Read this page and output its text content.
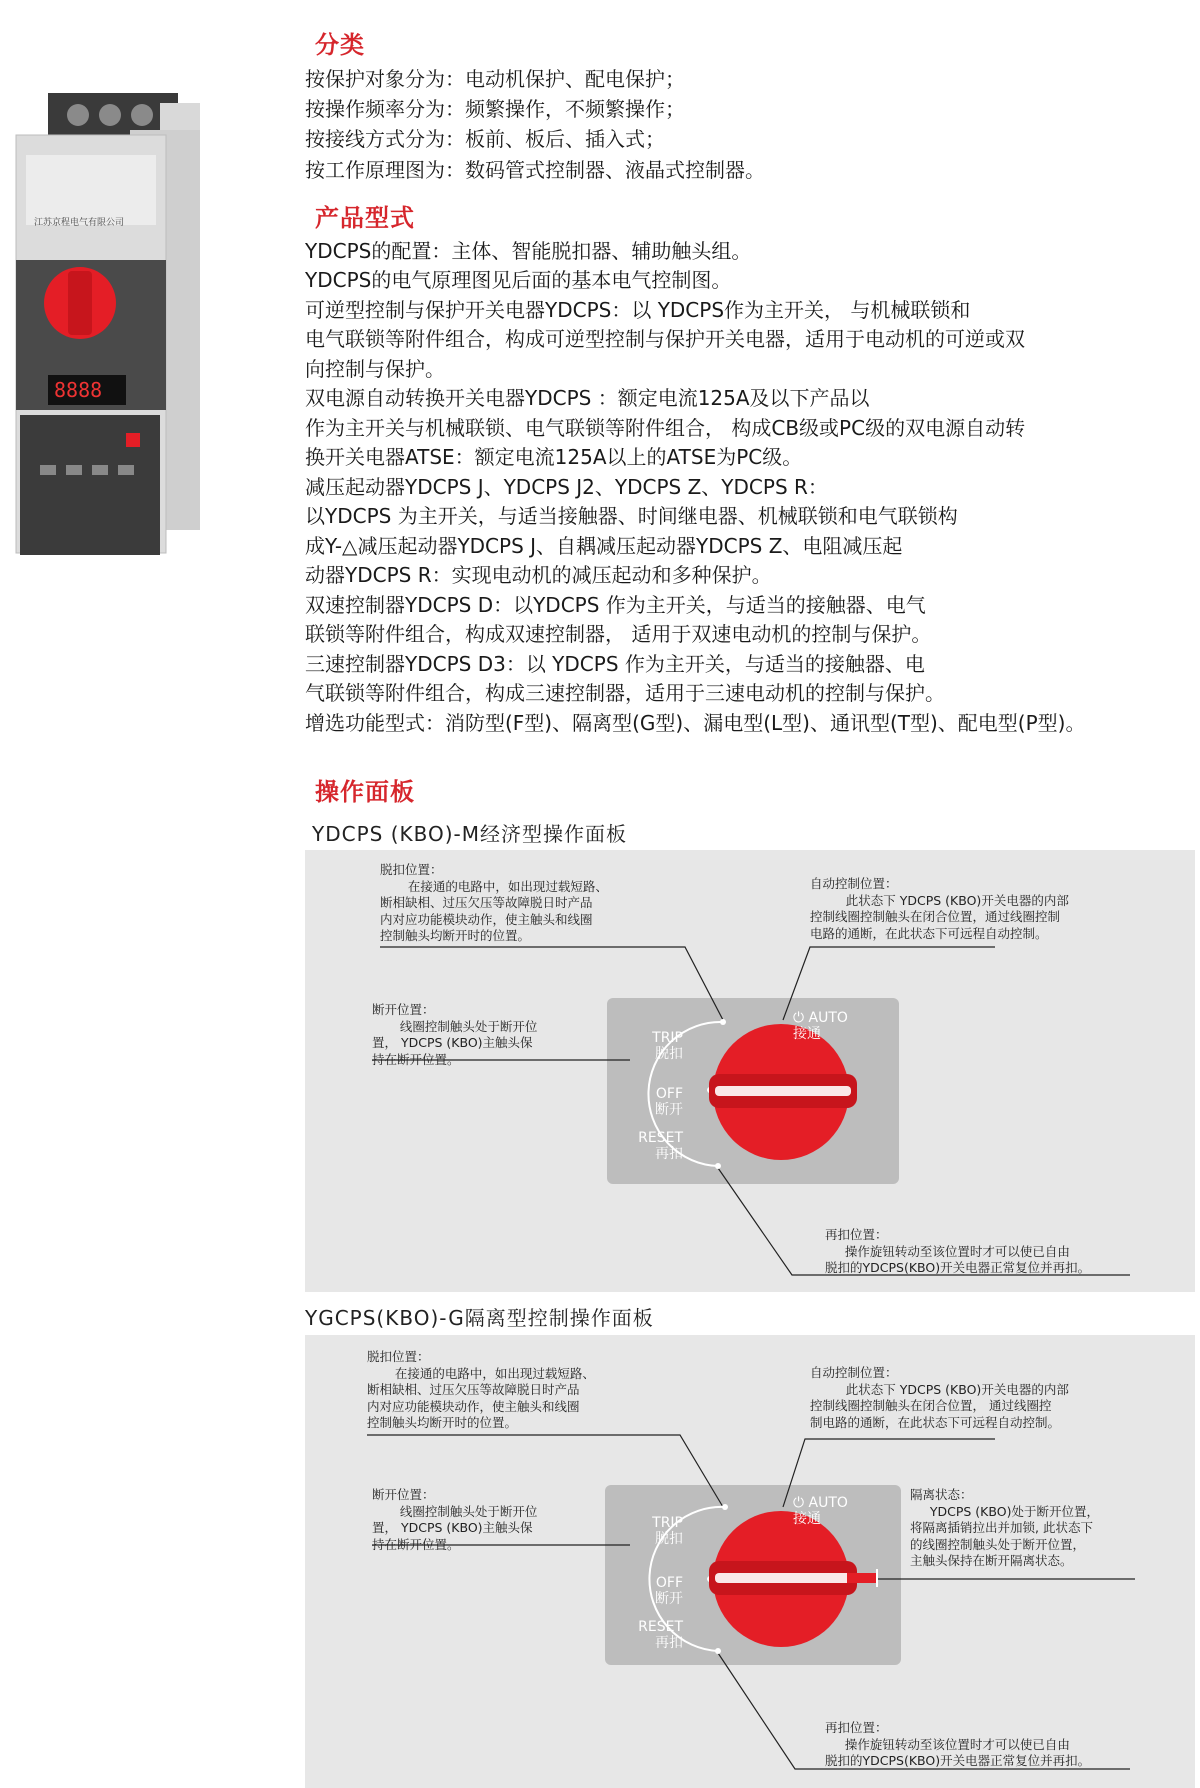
江苏京程电气有限公司
8888
分类
按保护对象分为：电动机保护、配电保护；
按操作频率分为：频繁操作，不频繁操作；
按接线方式分为：板前、板后、插入式；
按工作原理图为：数码管式控制器、液晶式控制器。
产品型式
YDCPS的配置：主体、智能脱扣器、辅助触头组。
YDCPS的电气原理图见后面的基本电气控制图。
可逆型控制与保护开关电器YDCPS：以 YDCPS作为主开关， 与机械联锁和
电气联锁等附件组合，构成可逆型控制与保护开关电器，适用于电动机的可逆或双
向控制与保护。
双电源自动转换开关电器YDCPS ：额定电流125A及以下产品以
作为主开关与机械联锁、电气联锁等附件组合， 构成CB级或PC级的双电源自动转
换开关电器ATSE：额定电流125A以上的ATSE为PC级。
减压起动器YDCPS J、YDCPS J2、YDCPS Z、YDCPS R：
以YDCPS 为主开关，与适当接触器、时间继电器、机械联锁和电气联锁构
成Y-△减压起动器YDCPS J、自耦减压起动器YDCPS Z、电阻减压起
动器YDCPS R：实现电动机的减压起动和多种保护。
双速控制器YDCPS D：以YDCPS 作为主开关，与适当的接触器、电气
联锁等附件组合，构成双速控制器， 适用于双速电动机的控制与保护。
三速控制器YDCPS D3：以 YDCPS 作为主开关，与适当的接触器、电
气联锁等附件组合，构成三速控制器，适用于三速电动机的控制与保护。
增选功能型式：消防型(F型)、隔离型(G型)、漏电型(L型)、通讯型(T型)、配电型(P型)。
操作面板
YDCPS (KBO)-M经济型操作面板
脱扣位置：
在接通的电路中，如出现过载短路、
断相缺相、过压欠压等故障脱日时产品
内对应功能模块动作，使主触头和线圈
控制触头均断开时的位置。
自动控制位置：
此状态下 YDCPS (KBO)开关电器的内部
控制线圈控制触头在闭合位置，通过线圈控制
电路的通断，在此状态下可远程自动控制。
断开位置：
线圈控制触头处于断开位
置， YDCPS (KBO)主触头保
持在断开位置。
再扣位置：
操作旋钮转动至该位置时才可以使已自由
脱扣的YDCPS(KBO)开关电器正常复位并再扣。
TRIP
脱扣
OFF
断开
RESET
再扣
⏻ AUTO
接通
YGCPS(KBO)-G隔离型控制操作面板
脱扣位置：
在接通的电路中，如出现过载短路、
断相缺相、过压欠压等故障脱日时产品
内对应功能模块动作，使主触头和线圈
控制触头均断开时的位置。
自动控制位置：
此状态下 YDCPS (KBO)开关电器的内部
控制线圈控制触头在闭合位置， 通过线圈控
制电路的通断，在此状态下可远程自动控制。
断开位置：
线圈控制触头处于断开位
置， YDCPS (KBO)主触头保
持在断开位置。
隔离状态：
YDCPS (KBO)处于断开位置，
将隔离插销拉出并加锁, 此状态下
的线圈控制触头处于断开位置，
主触头保持在断开隔离状态。
再扣位置：
操作旋钮转动至该位置时才可以使已自由
脱扣的YDCPS(KBO)开关电器正常复位并再扣。
TRIP
脱扣
OFF
断开
RESET
再扣
⏻ AUTO
接通
